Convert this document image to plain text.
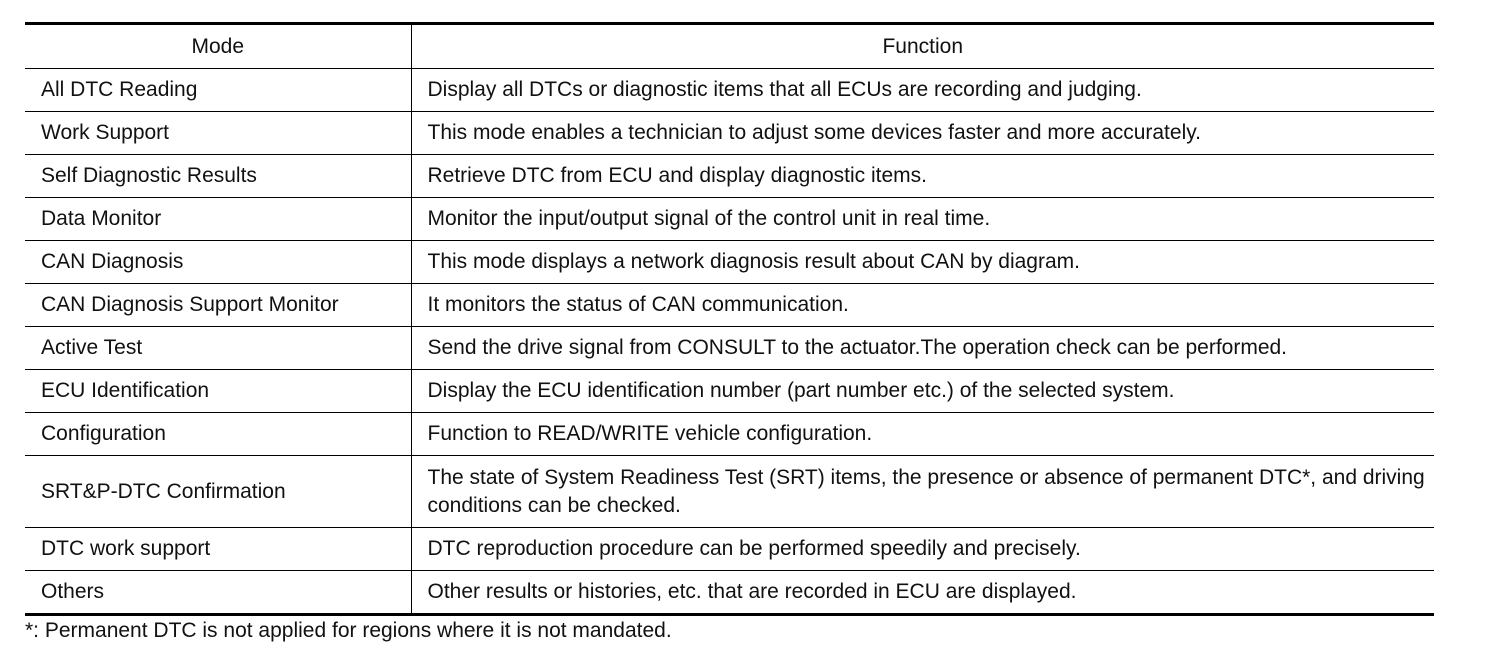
Mode	Function
All DTC Reading	Display all DTCs or diagnostic items that all ECUs are recording and judging.
Work Support	This mode enables a technician to adjust some devices faster and more accurately.
Self Diagnostic Results	Retrieve DTC from ECU and display diagnostic items.
Data Monitor	Monitor the input/output signal of the control unit in real time.
CAN Diagnosis	This mode displays a network diagnosis result about CAN by diagram.
CAN Diagnosis Support Monitor	It monitors the status of CAN communication.
Active Test	Send the drive signal from CONSULT to the actuator.The operation check can be performed.
ECU Identification	Display the ECU identification number (part number etc.) of the selected system.
Configuration	Function to READ/WRITE vehicle configuration.
SRT&P-DTC Confirmation	The state of System Readiness Test (SRT) items, the presence or absence of permanent DTC*, and driving conditions can be checked.
DTC work support	DTC reproduction procedure can be performed speedily and precisely.
Others	Other results or histories, etc. that are recorded in ECU are displayed.
*: Permanent DTC is not applied for regions where it is not mandated.
